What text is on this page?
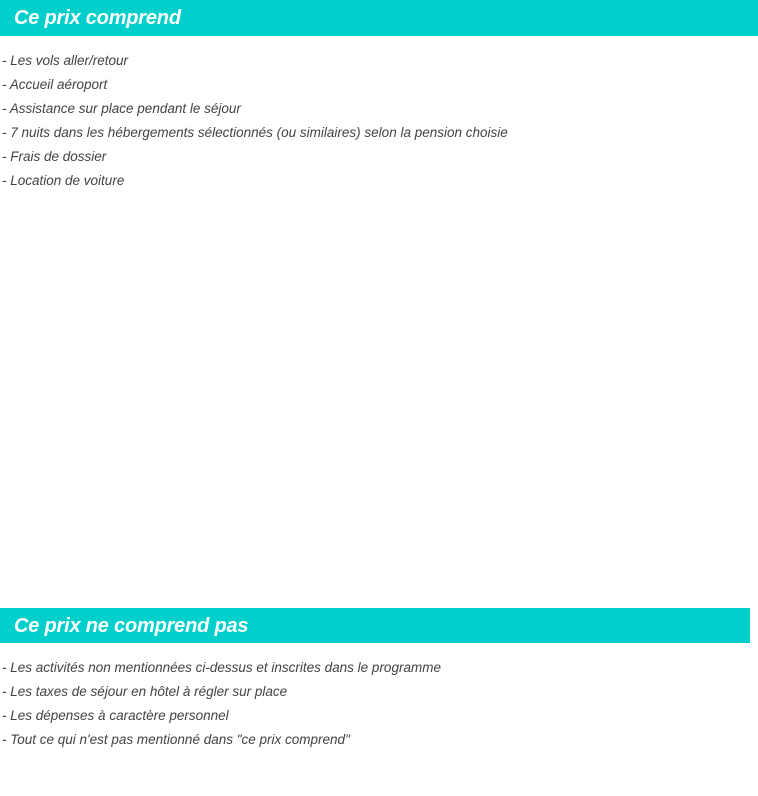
Ce prix comprend
- Les vols aller/retour
- Accueil aéroport
- Assistance sur place pendant le séjour
- 7 nuits dans les hébergements sélectionnés (ou similaires) selon la pension choisie
- Frais de dossier
- Location de voiture
Ce prix ne comprend pas
- Les activités non mentionnées ci-dessus et inscrites dans le programme
- Les taxes de séjour en hôtel à régler sur place
- Les dépenses à caractère personnel
- Tout ce qui n'est pas mentionné dans "ce prix comprend"
